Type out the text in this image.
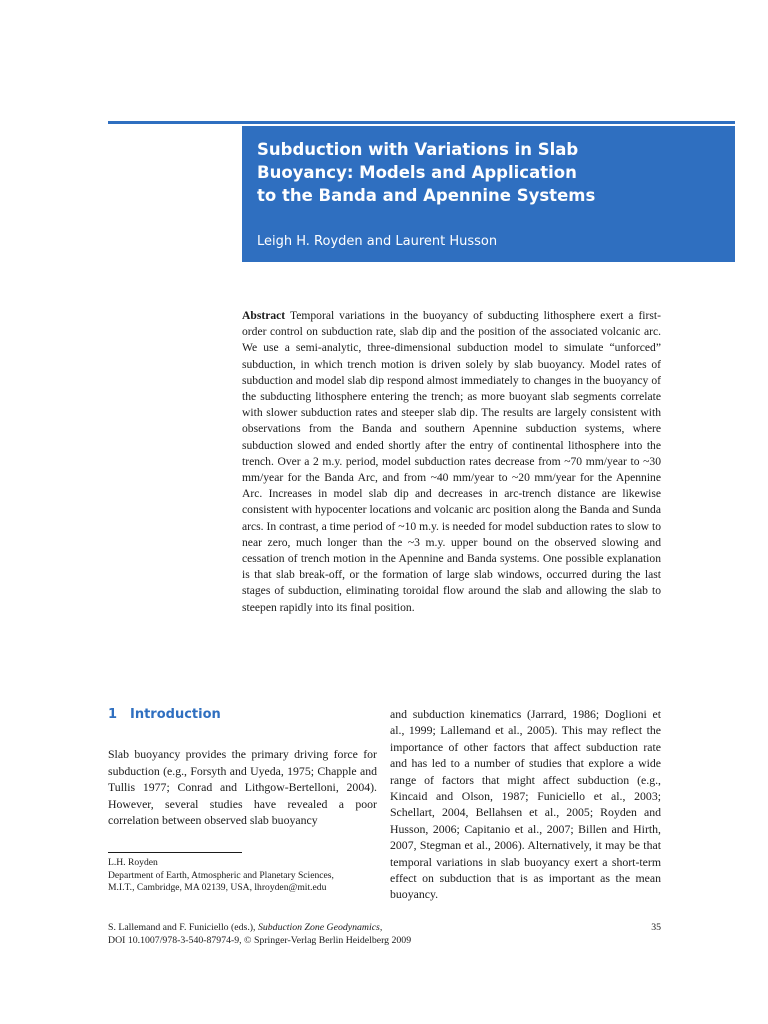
Subduction with Variations in Slab
Buoyancy: Models and Application
to the Banda and Apennine Systems
Leigh H. Royden and Laurent Husson
Abstract Temporal variations in the buoyancy of subducting lithosphere exert a first-order control on subduction rate, slab dip and the position of the associated volcanic arc. We use a semi-analytic, three-dimensional subduction model to simulate “unforced” subduction, in which trench motion is driven solely by slab buoyancy. Model rates of subduction and model slab dip respond almost immediately to changes in the buoyancy of the subducting lithosphere entering the trench; as more buoyant slab segments correlate with slower subduction rates and steeper slab dip. The results are largely consistent with observations from the Banda and southern Apennine subduction systems, where subduction slowed and ended shortly after the entry of continental lithosphere into the trench. Over a 2 m.y. period, model subduction rates decrease from ~70 mm/year to ~30 mm/year for the Banda Arc, and from ~40 mm/year to ~20 mm/year for the Apennine Arc. Increases in model slab dip and decreases in arc-trench distance are likewise consistent with hypocenter locations and volcanic arc position along the Banda and Sunda arcs. In contrast, a time period of ~10 m.y. is needed for model subduction rates to slow to near zero, much longer than the ~3 m.y. upper bound on the observed slowing and cessation of trench motion in the Apennine and Banda systems. One possible explanation is that slab break-off, or the formation of large slab windows, occurred during the last stages of subduction, eliminating toroidal flow around the slab and allowing the slab to steepen rapidly into its final position.
1 Introduction

Slab buoyancy provides the primary driving force for subduction (e.g., Forsyth and Uyeda, 1975; Chapple and Tullis 1977; Conrad and Lithgow-Bertelloni, 2004). However, several studies have revealed a poor correlation between observed slab buoyancy

and subduction kinematics (Jarrard, 1986; Doglioni et al., 1999; Lallemand et al., 2005). This may reflect the importance of other factors that affect subduction rate and has led to a number of studies that explore a wide range of factors that might affect subduction (e.g., Kincaid and Olson, 1987; Funiciello et al., 2003; Schellart, 2004, Bellahsen et al., 2005; Royden and Husson, 2006; Capitanio et al., 2007; Billen and Hirth, 2007, Stegman et al., 2006). Alternatively, it may be that temporal variations in slab buoyancy exert a short-term effect on subduction that is as important as the mean buoyancy.
L.H. Royden
Department of Earth, Atmospheric and Planetary Sciences,
M.I.T., Cambridge, MA 02139, USA, lhroyden@mit.edu
S. Lallemand and F. Funiciello (eds.), Subduction Zone Geodynamics,
DOI 10.1007/978-3-540-87974-9, © Springer-Verlag Berlin Heidelberg 2009
35
